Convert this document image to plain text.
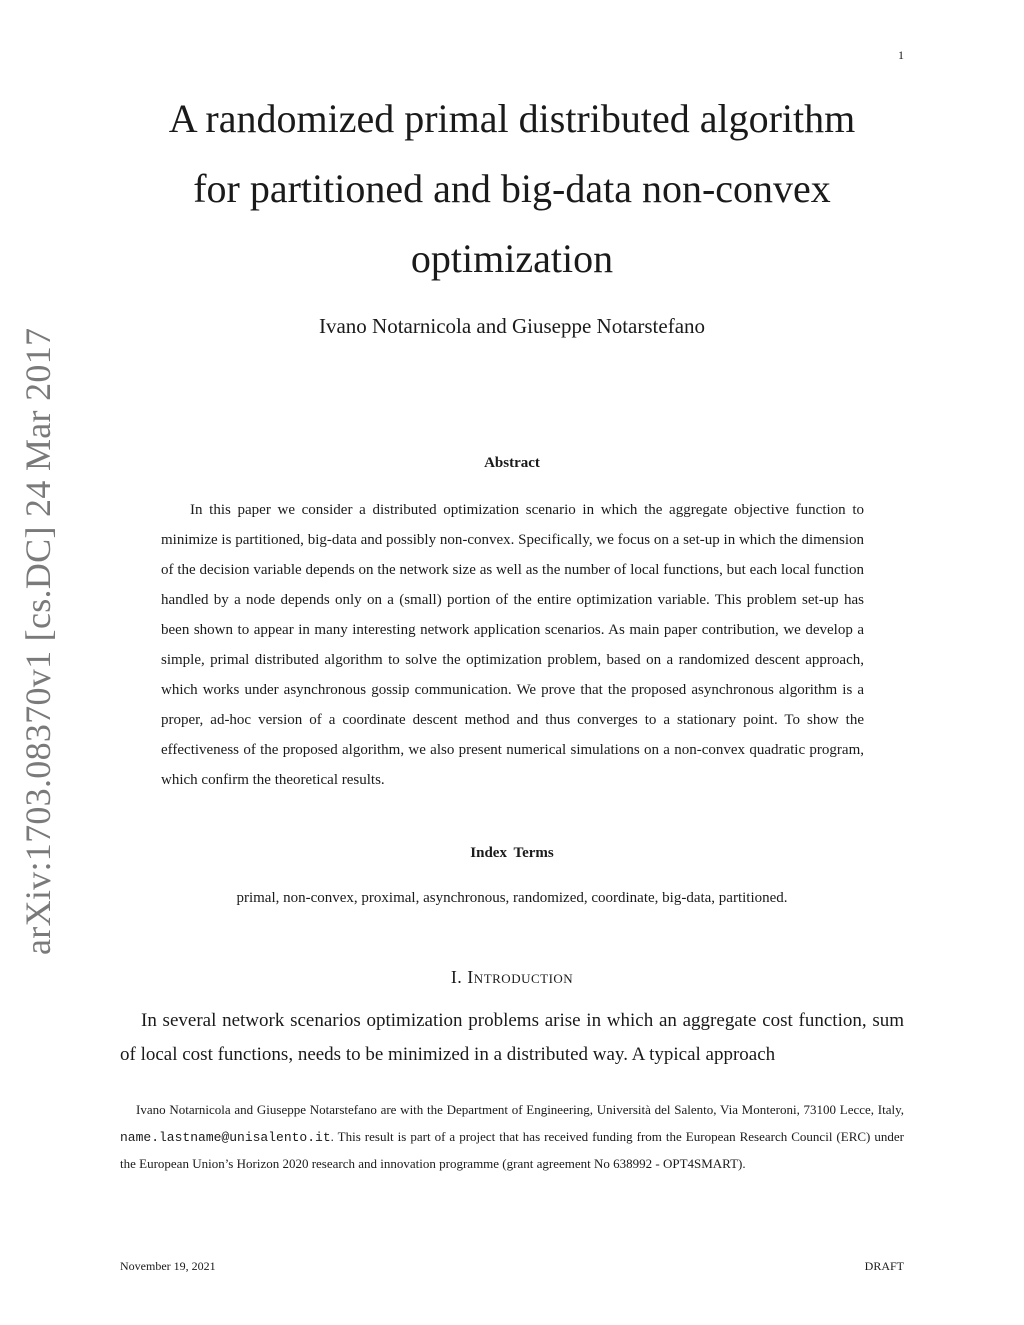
1
arXiv:1703.08370v1 [cs.DC] 24 Mar 2017
A randomized primal distributed algorithm
for partitioned and big-data non-convex
optimization
Ivano Notarnicola and Giuseppe Notarstefano
Abstract

In this paper we consider a distributed optimization scenario in which the aggregate objective function to minimize is partitioned, big-data and possibly non-convex. Specifically, we focus on a set-up in which the dimension of the decision variable depends on the network size as well as the number of local functions, but each local function handled by a node depends only on a (small) portion of the entire optimization variable. This problem set-up has been shown to appear in many interesting network application scenarios. As main paper contribution, we develop a simple, primal distributed algorithm to solve the optimization problem, based on a randomized descent approach, which works under asynchronous gossip communication. We prove that the proposed asynchronous algorithm is a proper, ad-hoc version of a coordinate descent method and thus converges to a stationary point. To show the effectiveness of the proposed algorithm, we also present numerical simulations on a non-convex quadratic program, which confirm the theoretical results.

Index Terms
primal, non-convex, proximal, asynchronous, randomized, coordinate, big-data, partitioned.
I. Introduction

In several network scenarios optimization problems arise in which an aggregate cost function, sum of local cost functions, needs to be minimized in a distributed way. A typical approach

Ivano Notarnicola and Giuseppe Notarstefano are with the Department of Engineering, Università del Salento, Via Monteroni, 73100 Lecce, Italy, name.lastname@unisalento.it. This result is part of a project that has received funding from the European Research Council (ERC) under the European Union’s Horizon 2020 research and innovation programme (grant agreement No 638992 - OPT4SMART).

November 19, 2021	DRAFT
